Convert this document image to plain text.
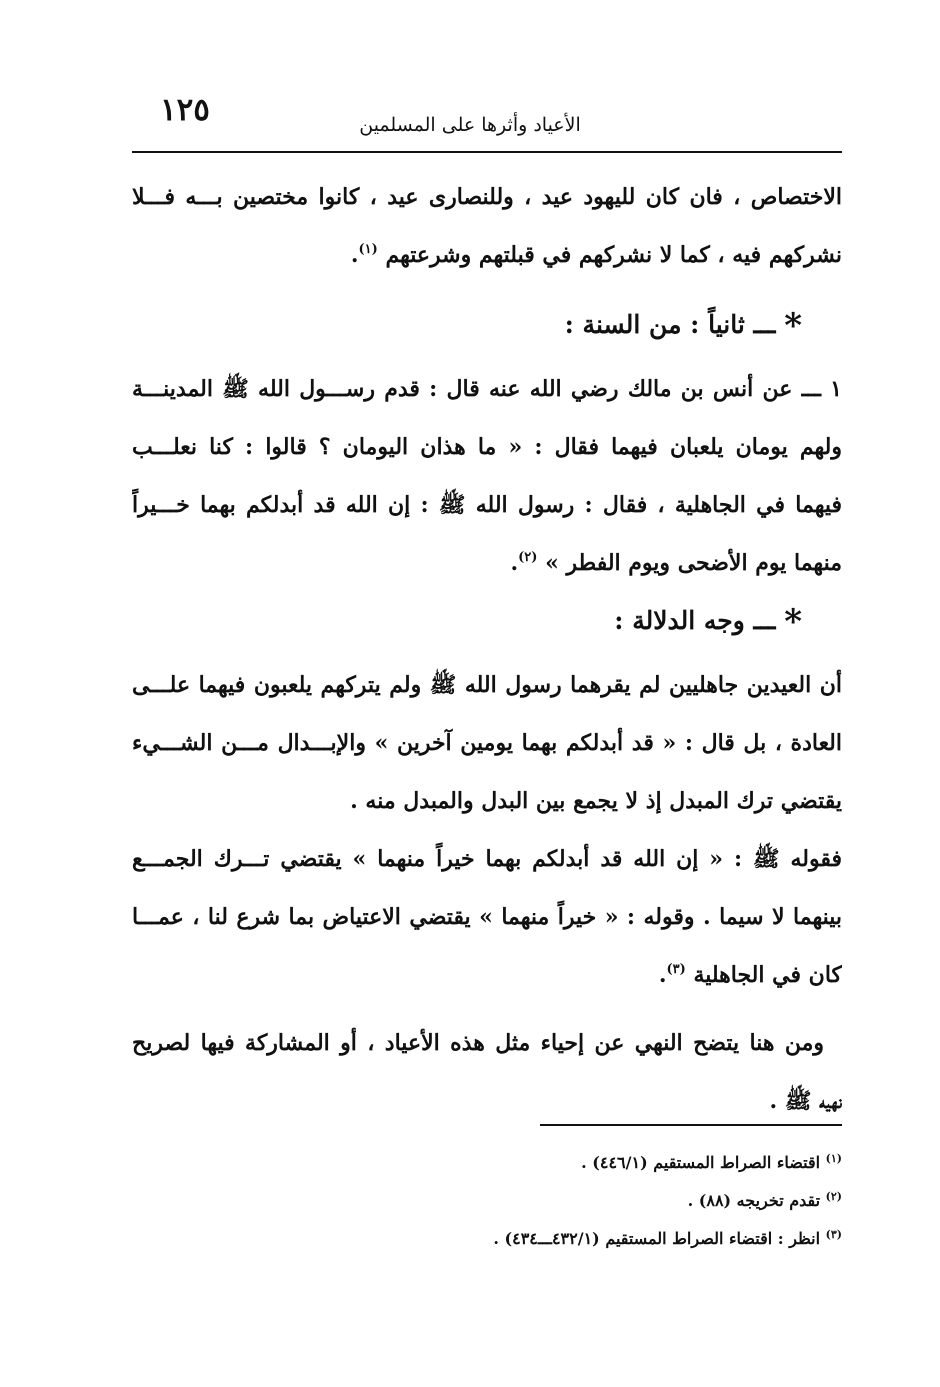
١٢٥	الأعياد وأثرها على المسلمين
الاختصاص ، فان كان لليهود عيد ، وللنصارى عيد ، كانوا مختصين بـــه فـــلا
نشركهم فيه ، كما لا نشركهم في قبلتهم وشرعتهم $^{(١)}$.
* ـــ ثانياً : من السنة :
١ ـــ عن أنس بن مالك رضي الله عنه قال : قدم رســـول الله ﷺ المدينـــة
ولهم يومان يلعبان فيهما فقال : « ما هذان اليومان ؟ قالوا : كنا نعلـــب
فيهما في الجاهلية ، فقال : رسول الله ﷺ : إن الله قد أبدلكم بهما خـــيراً
منهما يوم الأضحى ويوم الفطر » $^{(٢)}$.
* ـــ وجه الدلالة :
أن العيدين جاهليين لم يقرهما رسول الله ﷺ ولم يتركهم يلعبون فيهما علـــى
العادة ، بل قال : « قد أبدلكم بهما يومين آخرين » والإبـــدال مـــن الشـــيء
يقتضي ترك المبدل إذ لا يجمع بين البدل والمبدل منه .
فقوله ﷺ : « إن الله قد أبدلكم بهما خيراً منهما » يقتضي تـــرك الجمـــع
بينهما لا سيما . وقوله : « خيراً منهما » يقتضي الاعتياض بما شرع لنا ، عمـــا
كان في الجاهلية $^{(٣)}$.
ومن هنا يتضح النهي عن إحياء مثل هذه الأعياد ، أو المشاركة فيها لصريح
نهيه ﷺ .
$^{(١)}$ اقتضاء الصراط المستقيم (٤٤٦/١) .
$^{(٢)}$ تقدم تخريجه (٨٨) .
$^{(٣)}$ انظر : اقتضاء الصراط المستقيم (٤٣٢/١ـــ٤٣٤) .
